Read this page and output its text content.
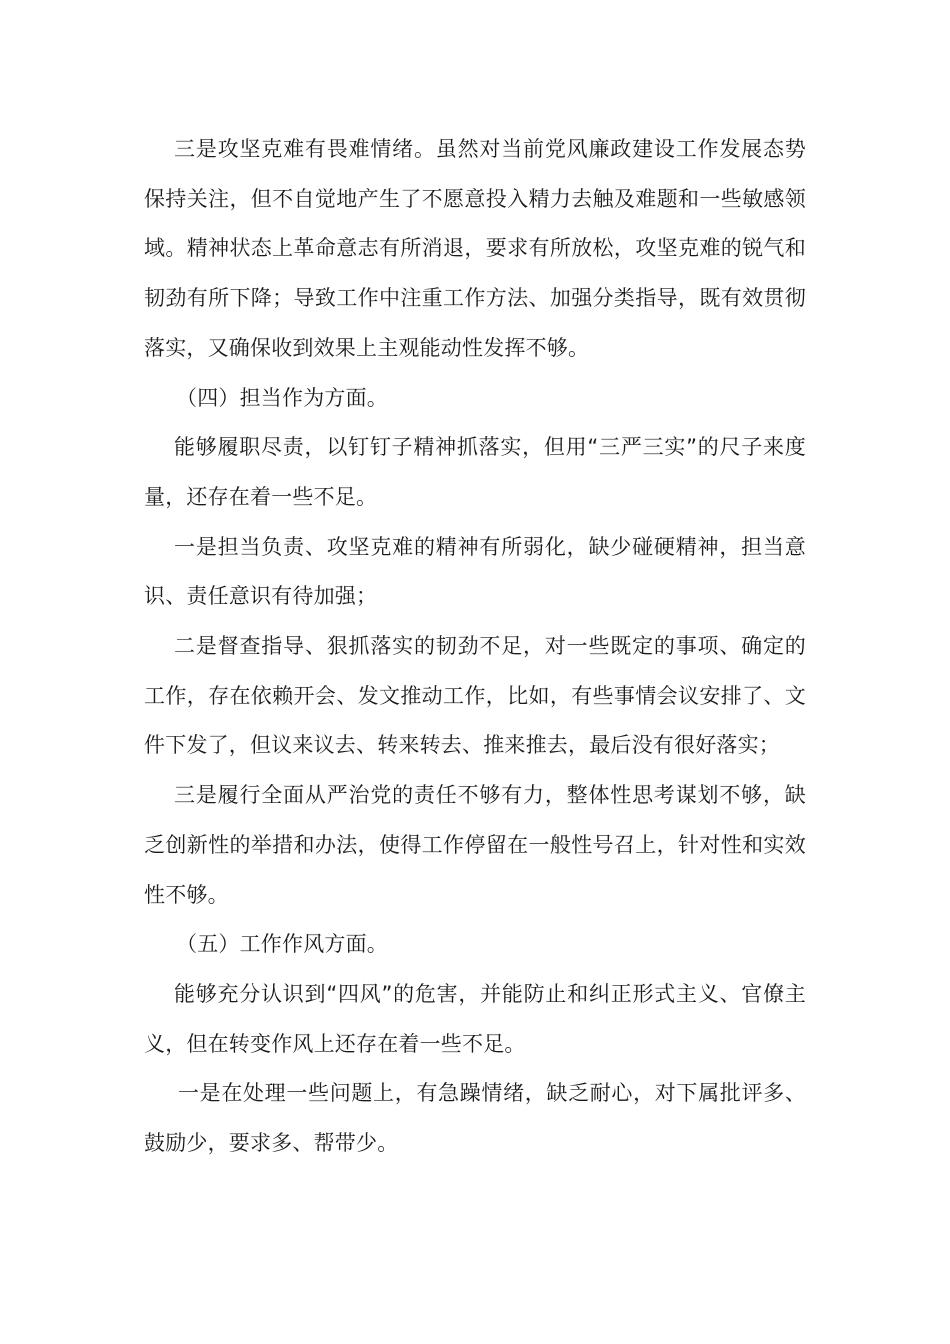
三是攻坚克难有畏难情绪。虽然对当前党风廉政建设工作发展态势保持关注，但不自觉地产生了不愿意投入精力去触及难题和一些敏感领域。精神状态上革命意志有所消退，要求有所放松，攻坚克难的锐气和韧劲有所下降；导致工作中注重工作方法、加强分类指导，既有效贯彻落实，又确保收到效果上主观能动性发挥不够。

（四）担当作为方面。

能够履职尽责，以钉钉子精神抓落实，但用“三严三实”的尺子来度量，还存在着一些不足。

一是担当负责、攻坚克难的精神有所弱化，缺少碰硬精神，担当意识、责任意识有待加强；

二是督查指导、狠抓落实的韧劲不足，对一些既定的事项、确定的工作，存在依赖开会、发文推动工作，比如，有些事情会议安排了、文件下发了，但议来议去、转来转去、推来推去，最后没有很好落实；

三是履行全面从严治党的责任不够有力，整体性思考谋划不够，缺乏创新性的举措和办法，使得工作停留在一般性号召上，针对性和实效性不够。

（五）工作作风方面。

能够充分认识到“四风”的危害，并能防止和纠正形式主义、官僚主义，但在转变作风上还存在着一些不足。

一是在处理一些问题上，有急躁情绪，缺乏耐心，对下属批评多、鼓励少，要求多、帮带少。
